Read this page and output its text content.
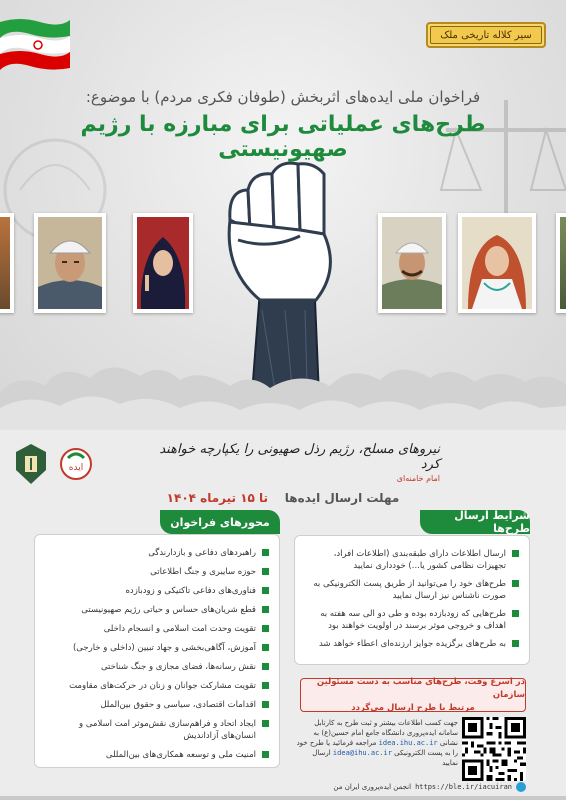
سیر کلاله تاریخی ملک
فراخوان ملی ایده‌های اثربخش (طوفان فکری مردم) با موضوع:
طرح‌های عملیاتی برای مبارزه با رژیم صهیونیستی
ایده
نیروهای مسلح، رژیم رذل صهیونی را یکپارچه خواهند کرد
امام خامنه‌ای
مهلت ارسال ایده‌ها    تا ۱۵ تیرماه ۱۴۰۴
شرایط ارسال طرح‌ها
ارسال اطلاعات دارای طبقه‌بندی (اطلاعات افراد، تجهیزات نظامی کشور یا...) خودداری نمایید
طرح‌های خود را می‌توانید از طریق پست الکترونیکی به صورت ناشناس نیز ارسال نمایید
طرح‌هایی که زودبازده بوده و طی دو الی سه هفته به اهداف و خروجی موثر برسند در اولویت خواهند بود
به طرح‌های برگزیده جوایز ارزنده‌ای اعطاء خواهد شد
محورهای فراخوان
راهبردهای دفاعی و بازدارندگی
حوزه سایبری و جنگ اطلاعاتی
فناوری‌های دفاعی تاکتیکی و زودبازده
قطع شریان‌های حساس و حیاتی رژیم صهیونیستی
تقویت وحدت امت اسلامی و انسجام داخلی
آموزش، آگاهی‌بخشی و جهاد تبیین (داخلی و خارجی)
نقش رسانه‌ها، فضای مجازی و جنگ شناختی
تقویت مشارکت جوانان و زنان در حرکت‌های مقاومت
اقدامات اقتصادی، سیاسی و حقوق بین‌الملل
ایجاد اتحاد و فراهم‌سازی نقش‌موثر امت اسلامی و انسان‌های آزاداندیش
امنیت ملی و توسعه همکاری‌های بین‌المللی
در اسرع وقت، طرح‌های مناسب به دست مسئولین سازمان
مرتبط با طرح ارسال می‌گردد
جهت کسب اطلاعات بیشتر و ثبت طرح به کارتابل سامانه ایده‌پروری دانشگاه جامع امام حسین(ع) به نشانی idea.ihu.ac.ir مراجعه فرمائید یا طرح خود را به پست الکترونیکی idea@ihu.ac.ir ارسال نمایید
https://ble.ir/iacuiran
انجمن ایده‌پروری ایران من
